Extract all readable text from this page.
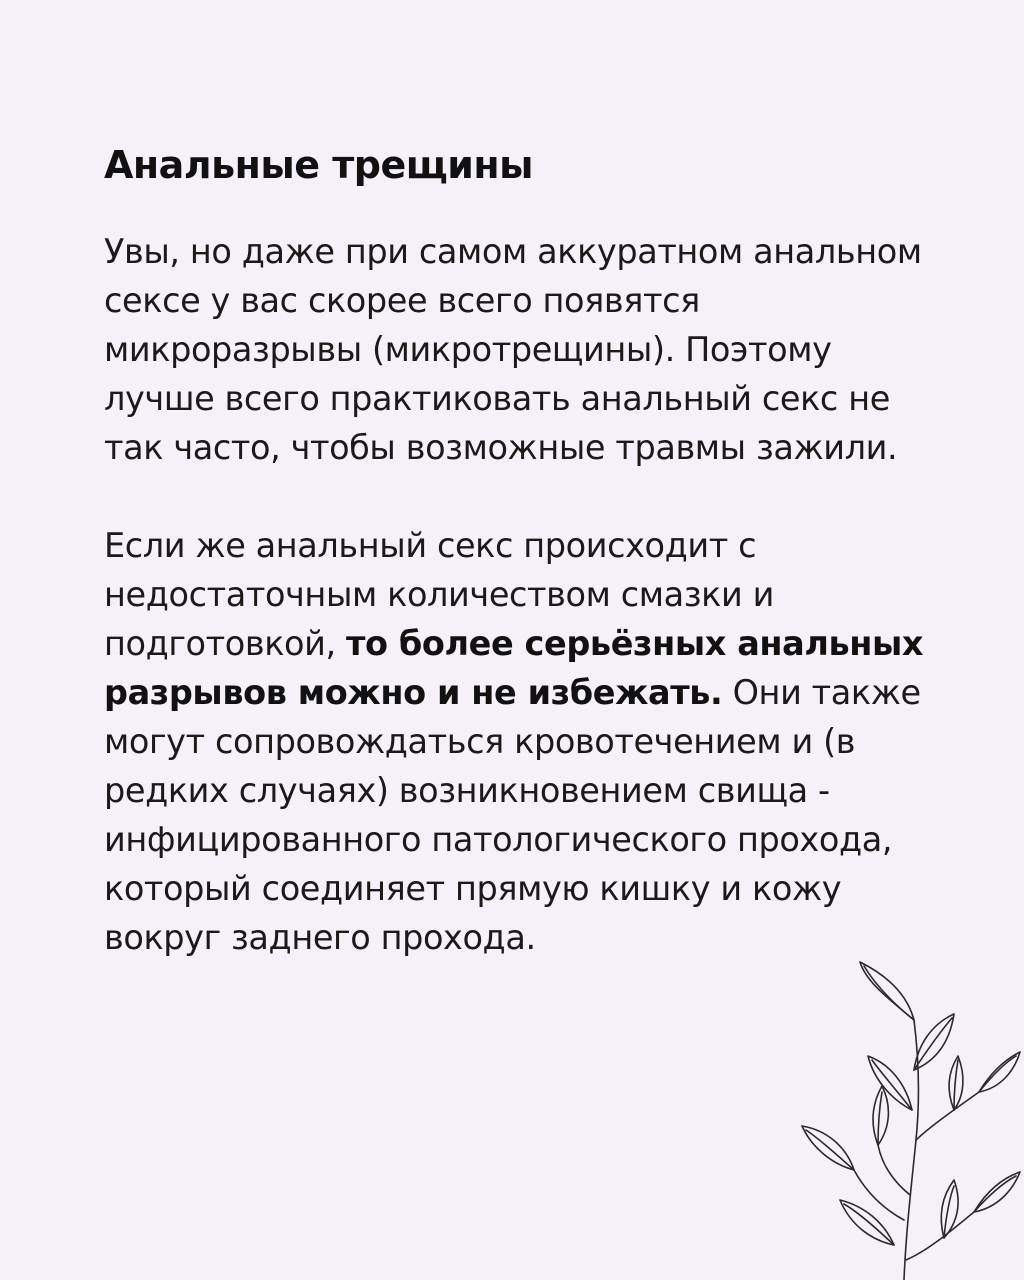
Анальные трещины

Увы, но даже при самом аккуратном анальном сексе у вас скорее всего появятся микроразрывы (микротрещины). Поэтому лучше всего практиковать анальный секс не так часто, чтобы возможные травмы зажили.

Если же анальный секс происходит с недостаточным количеством смазки и подготовкой, то более серьёзных анальных разрывов можно и не избежать. Они также могут сопровождаться кровотечением и (в редких случаях) возникновением свища - инфицированного патологического прохода, который соединяет прямую кишку и кожу вокруг заднего прохода.
